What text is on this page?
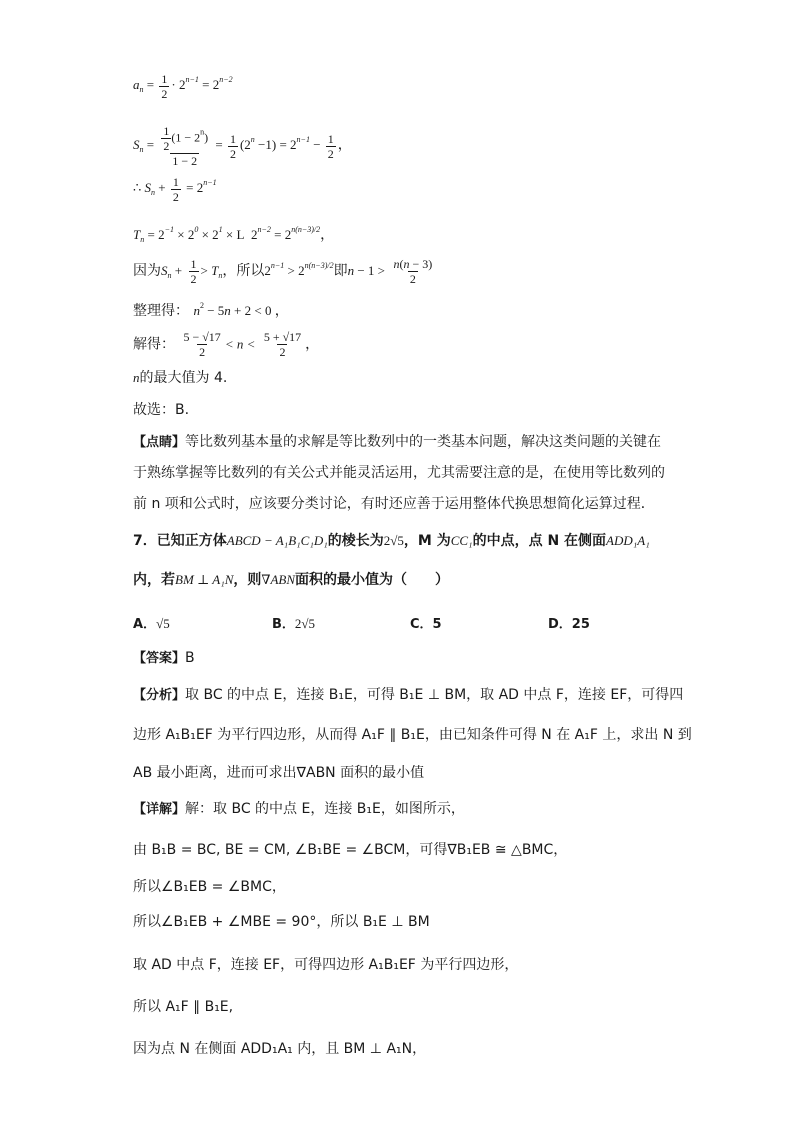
$a_n = \frac{1}{2} \cdot 2^{n-1} = 2^{n-2}$
$S_n = \frac{\frac{1}{2} (1 - 2^n)}{1 - 2} = \frac{1}{2} (2^n -1) = 2^{n-1} - \frac{1}{2}$ ，
∴ $S_n + \frac{1}{2} = 2^{n-1}$
$T_n = 2^{-1} \times 2^0 \times 2^1 \times L$  $2^{n-2} = 2^{n(n-3)/2}$，
因为$S_n + \frac{1}{2} > T_n$，所以$2^{n-1} > 2^{n(n-3)/2}$即$n - 1 > \frac{n(n - 3)}{2}$
整理得： $n^2 - 5n + 2 < 0$ ，
解得： $\frac{5 - √17}{2} < n < \frac{5 + √17}{2}$ ，
n的最大值为 4.
故选：B.
【点睛】等比数列基本量的求解是等比数列中的一类基本问题，解决这类问题的关键在
于熟练掌握等比数列的有关公式并能灵活运用，尤其需要注意的是，在使用等比数列的
前 n 项和公式时，应该要分类讨论，有时还应善于运用整体代换思想简化运算过程．
7．已知正方体ABCD − A₁B₁C₁D₁的棱长为2√5，M 为CC₁的中点，点 N 在侧面ADD₁A₁
内，若BM ⊥ A₁N，则∇ABN面积的最小值为（　　）
A．√5	B．2√5	C．5	D．25
【答案】B
【分析】取 BC 的中点 E，连接 B₁E，可得 B₁E ⊥ BM，取 AD 中点 F，连接 EF，可得四
边形 A₁B₁EF 为平行四边形，从而得 A₁F ∥ B₁E，由已知条件可得 N 在 A₁F 上，求出 N 到
AB 最小距离，进而可求出∇ABN 面积的最小值
【详解】解：取 BC 的中点 E，连接 B₁E，如图所示，
由 B₁B = BC, BE = CM, ∠B₁BE = ∠BCM，可得∇B₁EB ≅ △BMC，
所以∠B₁EB = ∠BMC，
所以∠B₁EB + ∠MBE = 90°，所以 B₁E ⊥ BM
取 AD 中点 F，连接 EF，可得四边形 A₁B₁EF 为平行四边形，
所以 A₁F ∥ B₁E,
因为点 N 在侧面 ADD₁A₁ 内，且 BM ⊥ A₁N，
